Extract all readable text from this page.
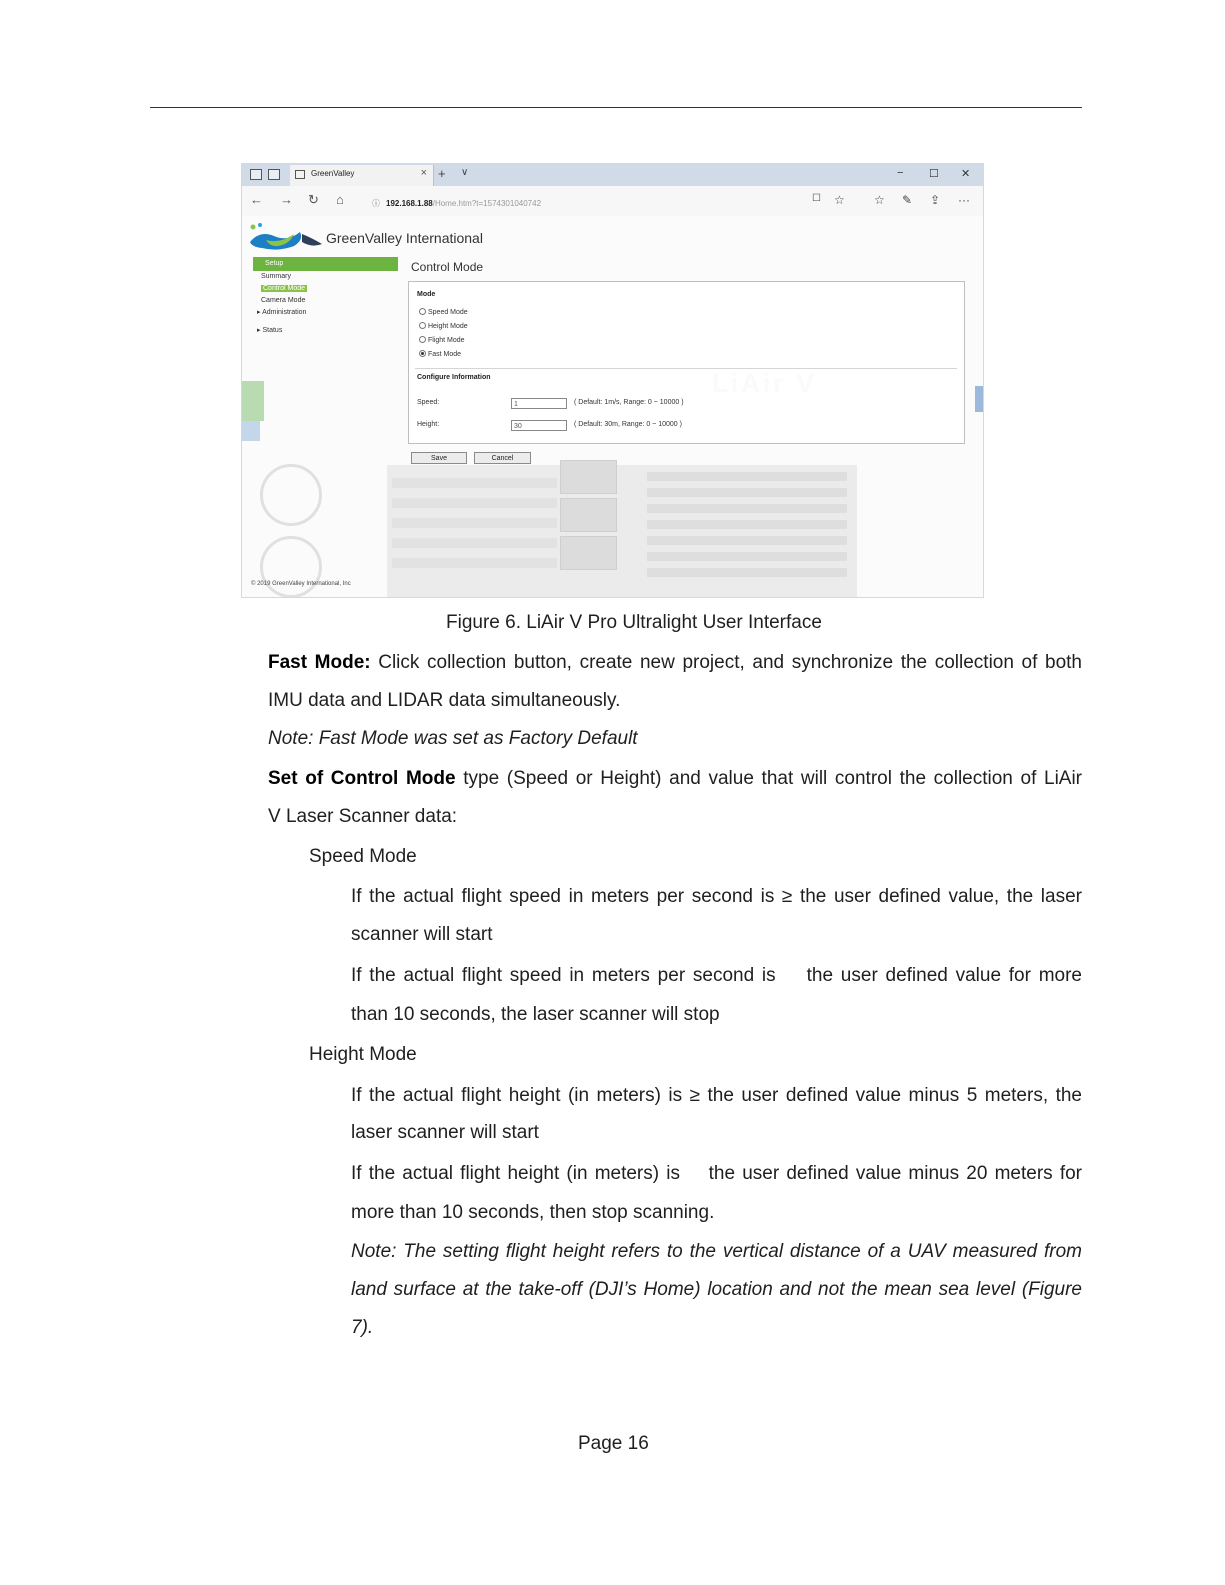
GreenValley	× + ∨	− ☐ ✕
← → ↻ ⌂	ⓘ 192.168.1.88/Home.htm?t=1574301040742	☐ ☆ ☆ ✎ ⇪ ···
GreenValley International
Setup
Summary
Control Mode
Camera Mode
▸ Administration
▸ Status
Control Mode
Mode
Speed Mode
Height Mode
Flight Mode
Fast Mode
Configure Information
Speed:	1	( Default: 1m/s, Range: 0 ~ 10000 )
Height:	30	( Default: 30m, Range: 0 ~ 10000 )
Save	Cancel
© 2019 GreenValley International, Inc
Figure 6. LiAir V Pro Ultralight User Interface
Fast Mode: Click collection button, create new project, and synchronize the collection of both
IMU data and LIDAR data simultaneously.
Note: Fast Mode was set as Factory Default
Set of Control Mode type (Speed or Height) and value that will control the collection of LiAir
V Laser Scanner data:
Speed Mode
If the actual flight speed in meters per second is ≥ the user defined value, the laser
scanner will start
If the actual flight speed in meters per second is    the user defined value for more
than 10 seconds, the laser scanner will stop
Height Mode
If the actual flight height (in meters) is ≥ the user defined value minus 5 meters, the
laser scanner will start
If the actual flight height (in meters) is    the user defined value minus 20 meters for
more than 10 seconds, then stop scanning.
Note: The setting flight height refers to the vertical distance of a UAV measured from
land surface at the take-off (DJI’s Home) location and not the mean sea level (Figure
7).
Page 16
